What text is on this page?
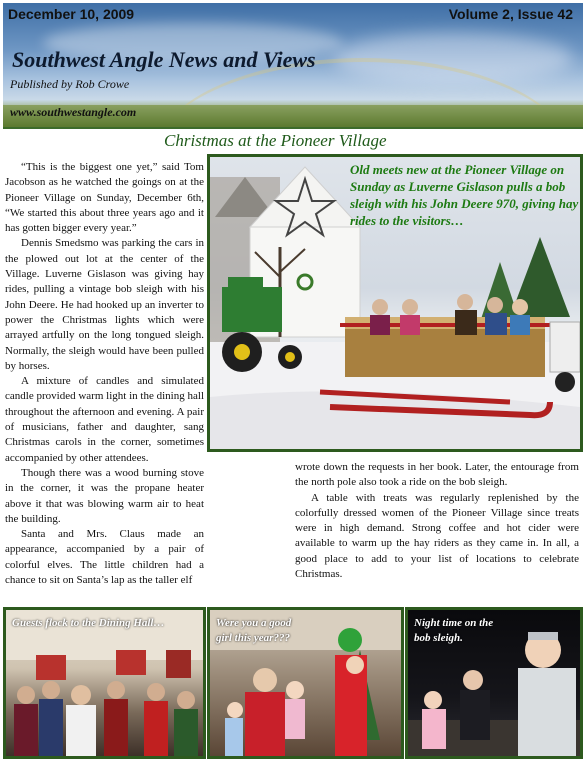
December 10, 2009	Volume 2, Issue 42
Southwest Angle News and Views
Published by Rob Crowe
www.southwestangle.com
Christmas at the Pioneer Village

“This is the biggest one yet,” said Tom Jacobson as he watched the goings on at the Pioneer Village on Sunday, December 6th, “We started this about three years ago and it has gotten bigger every year.”

Dennis Smedsmo was parking the cars in the plowed out lot at the center of the Village. Luverne Gislason was giving hay rides, pulling a vintage bob sleigh with his John Deere. He had hooked up an inverter to power the Christmas lights which were arrayed artfully on the long tongued sleigh. Normally, the sleigh would have been pulled by horses.

A mixture of candles and simulated candle provided warm light in the dining hall throughout the afternoon and evening. A pair of musicians, father and daughter, sang Christmas carols in the corner, sometimes accompanied by other attendees.

Though there was a wood burning stove in the corner, it was the propane heater above it that was blowing warm air to heat the building.

Santa and Mrs. Claus made an appearance, accompanied by a pair of colorful elves. The little children had a chance to sit on Santa’s lap as the taller elf

Old meets new at the Pioneer Village on Sunday as Luverne Gislason pulls a bob sleigh with his John Deere 970, giving hay rides to the visitors…

wrote down the requests in her book. Later, the entourage from the north pole also took a ride on the bob sleigh.

A table with treats was regularly replenished by the colorfully dressed women of the Pioneer Village since treats were in high demand. Strong coffee and hot cider were available to warm up the hay riders as they came in. In all, a good place to add to your list of locations to celebrate Christmas.

Guests flock to the Dining Hall…	Were you a good girl this year???
Night time on the bob sleigh.
